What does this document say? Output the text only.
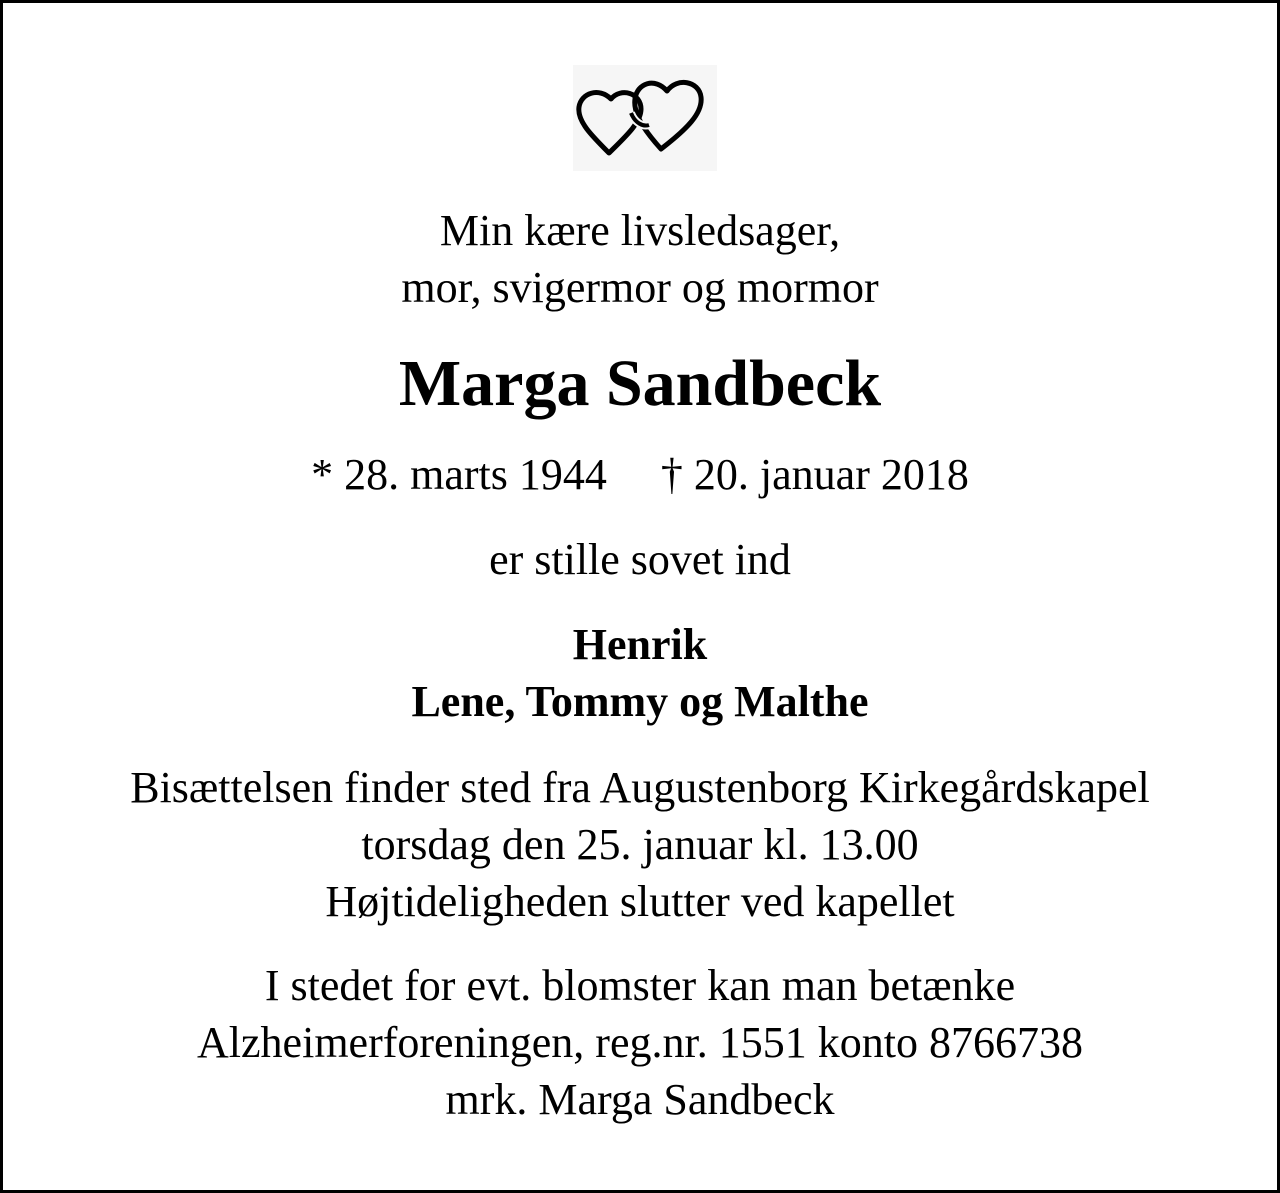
Min kære livsledsager,
mor, svigermor og mormor
Marga Sandbeck
* 28. marts 1944 † 20. januar 2018
er stille sovet ind
Henrik
Lene, Tommy og Malthe
Bisættelsen finder sted fra Augustenborg Kirkegårdskapel
torsdag den 25. januar kl. 13.00
Højtideligheden slutter ved kapellet
I stedet for evt. blomster kan man betænke
Alzheimerforeningen, reg.nr. 1551 konto 8766738
mrk. Marga Sandbeck
